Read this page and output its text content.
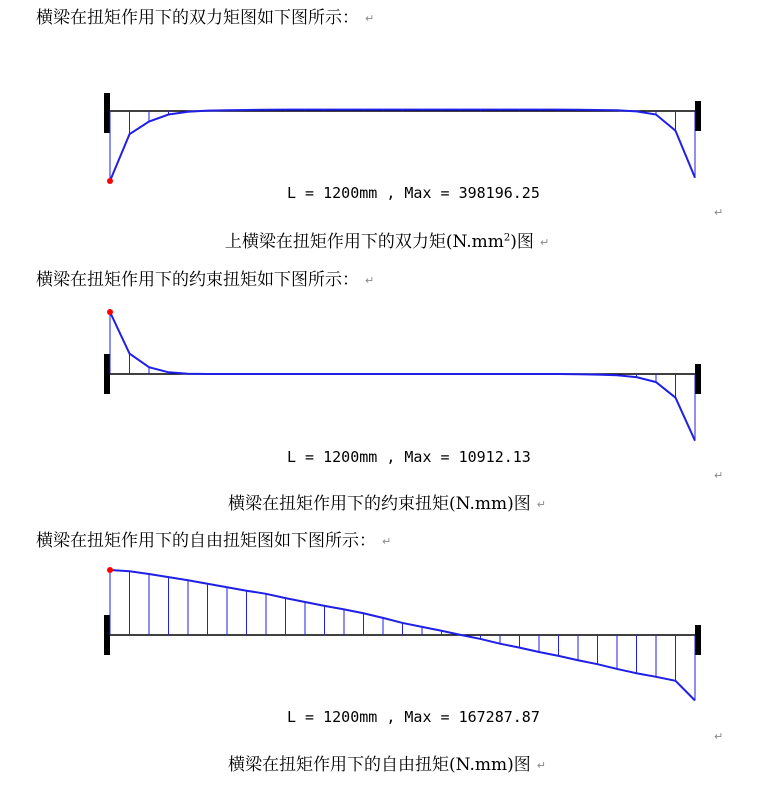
横梁在扭矩作用下的双力矩图如下图所示： ↵
L = 1200mm , Max = 398196.25
↵
上横梁在扭矩作用下的双力矩$(N.mm^2)$图 ↵
横梁在扭矩作用下的约束扭矩如下图所示： ↵
L = 1200mm , Max = 10912.13
↵
横梁在扭矩作用下的约束扭矩(N.mm)图 ↵
横梁在扭矩作用下的自由扭矩图如下图所示： ↵
L = 1200mm , Max = 167287.87
↵
横梁在扭矩作用下的自由扭矩(N.mm)图 ↵
